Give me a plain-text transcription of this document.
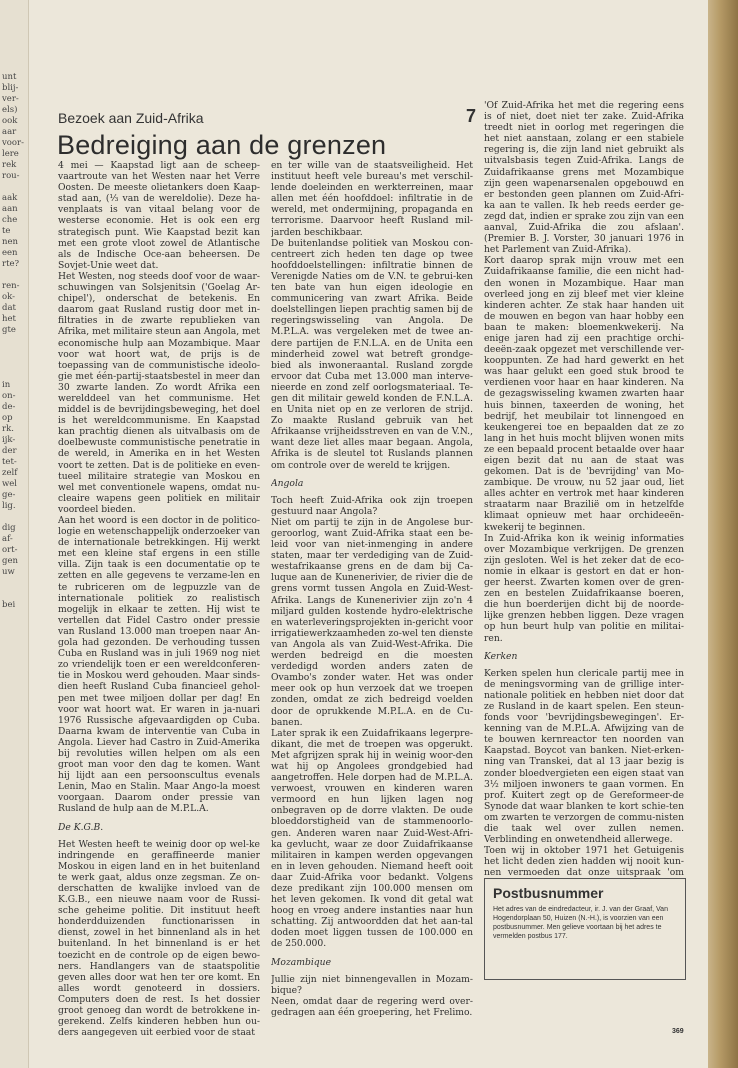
unt
blij-
ver-
els)
ook
aar
voor-
lere
rek
rou-
aak
aan
che
te
nen
een
rte?
ren-
ok-
dat
het
gte
in
on-
de-
op
rk.
ijk-
der
tet-
zelf
wel
ge-
lig.
dig
af-
ort-
gen
uw
bei
Bezoek aan Zuid-Afrika	7
Bedreiging aan de grenzen

4 mei — Kaapstad ligt aan de scheep-vaartroute van het Westen naar het Verre Oosten. De meeste olietankers doen Kaap-stad aan, (⅓ van de wereldolie). Deze ha-venplaats is van vitaal belang voor de westerse economie. Het is ook een erg strategisch punt. Wie Kaapstad bezit kan met een grote vloot zowel de Atlantische als de Indische Oce-aan beheersen. De Sovjet-Unie weet dat.

Het Westen, nog steeds doof voor de waar-schuwingen van Solsjenitsin ('Goelag Ar-chipel'), onderschat de betekenis. En daarom gaat Rusland rustig door met in-filtraties in de zwarte republieken van Afrika, met militaire steun aan Angola, met economische hulp aan Mozambique. Maar voor wat hoort wat, de prijs is de toepassing van de communistische ideolo-gie met één-partij-staatsbestel in meer dan 30 zwarte landen. Zo wordt Afrika een werelddeel van het communisme. Het middel is de bevrijdingsbeweging, het doel is het wereldcommunisme. En Kaapstad kan prachtig dienen als uitvalbasis om de doelbewuste communistische penetratie in de wereld, in Amerika en in het Westen voort te zetten. Dat is de politieke en even-tueel militaire strategie van Moskou en wel met conventionele wapens, omdat nu-cleaire wapens geen politiek en militair voordeel bieden.

Aan het woord is een doctor in de politico-logie en wetenschappelijk onderzoeker van de internationale betrekkingen. Hij werkt met een kleine staf ergens in een stille villa. Zijn taak is een documentatie op te zetten en alle gegevens te verzame-len en te rubriceren om de legpuzzle van de internationale politiek zo realistisch mogelijk in elkaar te zetten. Hij wist te vertellen dat Fidel Castro onder pressie van Rusland 13.000 man troepen naar An-gola had gezonden. De verhouding tussen Cuba en Rusland was in juli 1969 nog niet zo vriendelijk toen er een wereldconferen-tie in Moskou werd gehouden. Maar sinds-dien heeft Rusland Cuba financieel gehol-pen met twee miljoen dollar per dag! En voor wat hoort wat. Er waren in ja-nuari 1976 Russische afgevaardigden op Cuba. Daarna kwam de interventie van Cuba in Angola. Liever had Castro in Zuid-Amerika bij revoluties willen helpen om als een groot man voor den dag te komen. Want hij lijdt aan een persoonscultus evenals Lenin, Mao en Stalin. Maar Ango-la moest voorgaan. Daarom onder pressie van Rusland de hulp aan de M.P.L.A.

De K.G.B.

Het Westen heeft te weinig door op wel-ke indringende en geraffineerde manier Moskou in eigen land en in het buitenland te werk gaat, aldus onze zegsman. Ze on-derschatten de kwalijke invloed van de K.G.B., een nieuwe naam voor de Russi-sche geheime politie. Dit instituut heeft honderdduizenden functionarissen in dienst, zowel in het binnenland als in het buitenland. In het binnenland is er het toezicht en de controle op de eigen bewo-ners. Handlangers van de staatspolitie geven alles door wat hen ter ore komt. En alles wordt genoteerd in dossiers. Computers doen de rest. Is het dossier groot genoeg dan wordt de betrokkene in-gerekend. Zelfs kinderen hebben hun ou-ders aangegeven uit eerbied voor de staat

en ter wille van de staatsveiligheid. Het instituut heeft vele bureau's met verschil-lende doeleinden en werkterreinen, maar allen met één hoofddoel: infiltratie in de wereld, met ondermijning, propaganda en terrorisme. Daarvoor heeft Rusland mil-jarden beschikbaar.

De buitenlandse politiek van Moskou con-centreert zich heden ten dage op twee hoofddoelstellingen: infiltratie binnen de Verenigde Naties om de V.N. te gebrui-ken ten bate van hun eigen ideologie en communicering van zwart Afrika. Beide doelstellingen liepen prachtig samen bij de regeringswisseling van Angola. De M.P.L.A. was vergeleken met de twee an-dere partijen de F.N.L.A. en de Unita een minderheid zowel wat betreft grondge-bied als inwoneraantal. Rusland zorgde ervoor dat Cuba met 13.000 man interve-nieerde en zond zelf oorlogsmateriaal. Te-gen dit militair geweld konden de F.N.L.A. en Unita niet op en ze verloren de strijd. Zo maakte Rusland gebruik van het Afrikaanse vrijheidsstreven en van de V.N., want deze liet alles maar begaan. Angola, Afrika is de sleutel tot Ruslands plannen om controle over de wereld te krijgen.

Angola

Toch heeft Zuid-Afrika ook zijn troepen gestuurd naar Angola?

Niet om partij te zijn in de Angolese bur-geroorlog, want Zuid-Afrika staat een be-leid voor van niet-inmenging in andere staten, maar ter verdediging van de Zuid-westafrikaanse grens en de dam bij Ca-luque aan de Kunenerivier, de rivier die de grens vormt tussen Angola en Zuid-West-Afrika. Langs de Kunenerivier zijn zo'n 4 miljard gulden kostende hydro-elektrische en waterleveringsprojekten in-gericht voor irrigatiewerkzaamheden zo-wel ten dienste van Angola als van Zuid-West-Afrika. Die werden bedreigd en die moesten verdedigd worden anders zaten de Ovambo's zonder water. Het was onder meer ook op hun verzoek dat we troepen zonden, omdat ze zich bedreigd voelden door de oprukkende M.P.L.A. en de Cu-banen.

Later sprak ik een Zuidafrikaans legerpre-dikant, die met de troepen was opgerukt. Met afgrijzen sprak hij in weinig woor-den wat hij op Angolees grondgebied had aangetroffen. Hele dorpen had de M.P.L.A. verwoest, vrouwen en kinderen waren vermoord en hun lijken lagen nog onbegraven op de dorre vlakten. De oude bloeddorstigheid van de stammenoorlo-gen. Anderen waren naar Zuid-West-Afri-ka gevlucht, waar ze door Zuidafrikaanse militairen in kampen werden opgevangen en in leven gehouden. Niemand heeft ooit daar Zuid-Afrika voor bedankt. Volgens deze predikant zijn 100.000 mensen om het leven gekomen. Ik vond dit getal wat hoog en vroeg andere instanties naar hun schatting. Zij antwoordden dat het aan-tal doden moet liggen tussen de 100.000 en de 250.000.

Mozambique

Jullie zijn niet binnengevallen in Mozam-bique?

Neen, omdat daar de regering werd over-gedragen aan één groepering, het Frelimo.

'Of Zuid-Afrika het met die regering eens is of niet, doet niet ter zake. Zuid-Afrika treedt niet in oorlog met regeringen die het niet aanstaan, zolang er een stabiele regering is, die zijn land niet gebruikt als uitvalsbasis tegen Zuid-Afrika. Langs de Zuidafrikaanse grens met Mozambique zijn geen wapenarsenalen opgebouwd en er bestonden geen plannen om Zuid-Afri-ka aan te vallen. Ik heb reeds eerder ge-zegd dat, indien er sprake zou zijn van een aanval, Zuid-Afrika die zou afslaan'. (Premier B. J. Vorster, 30 januari 1976 in het Parlement van Zuid-Afrika).

Kort daarop sprak mijn vrouw met een Zuidafrikaanse familie, die een nicht had-den wonen in Mozambique. Haar man overleed jong en zij bleef met vier kleine kinderen achter. Ze stak haar handen uit de mouwen en begon van haar hobby een baan te maken: bloemenkwekerij. Na enige jaren had zij een prachtige orchi-deeën-zaak opgezet met verschillende ver-kooppunten. Ze had hard gewerkt en het was haar gelukt een goed stuk brood te verdienen voor haar en haar kinderen. Na de gezagswisseling kwamen zwarten haar huis binnen, taxeerden de woning, het bedrijf, het meubilair tot linnengoed en keukengerei toe en bepaalden dat ze zo lang in het huis mocht blijven wonen mits ze een bepaald procent betaalde over haar eigen bezit dat nu aan de staat was gekomen. Dat is de 'bevrijding' van Mo-zambique. De vrouw, nu 52 jaar oud, liet alles achter en vertrok met haar kinderen straatarm naar Brazilië om in hetzelfde klimaat opnieuw met haar orchideeën-kwekerij te beginnen.

In Zuid-Afrika kon ik weinig informaties over Mozambique verkrijgen. De grenzen zijn gesloten. Wel is het zeker dat de eco-nomie in elkaar is gestort en dat er hon-ger heerst. Zwarten komen over de gren-zen en bestelen Zuidafrikaanse boeren, die hun boerderijen dicht bij de noorde-lijke grenzen hebben liggen. Deze vragen op hun beurt hulp van politie en militai-ren.

Kerken

Kerken spelen hun clericale partij mee in de meningsvorming van de grillige inter-nationale politiek en hebben niet door dat ze Rusland in de kaart spelen. Een steun-fonds voor 'bevrijdingsbewegingen'. Er-kenning van de M.P.L.A. Afwijzing van de te bouwen kernreactor ten noorden van Kaapstad. Boycot van banken. Niet-erken-ning van Transkei, dat al 13 jaar bezig is zonder bloedvergieten een eigen staat van 3½ miljoen inwoners te gaan vormen. En prof. Kuitert zegt op de Gereformeer-de Synode dat waar blanken te kort schie-ten om zwarten te verzorgen de commu-nisten die taak wel over zullen nemen. Verblinding en onwetendheid allerwege.

Toen wij in oktober 1971 het Getuigenis het licht deden zien hadden wij nooit kun-nen vermoeden dat onze uitspraak 'om

Postbusnummer

Het adres van de eindredacteur, ir. J. van der Graaf, Van Hogendorplaan 50, Huizen (N.-H.), is voorzien van een postbusnummer. Men gelieve voortaan bij het adres te vermelden postbus 177.

369
